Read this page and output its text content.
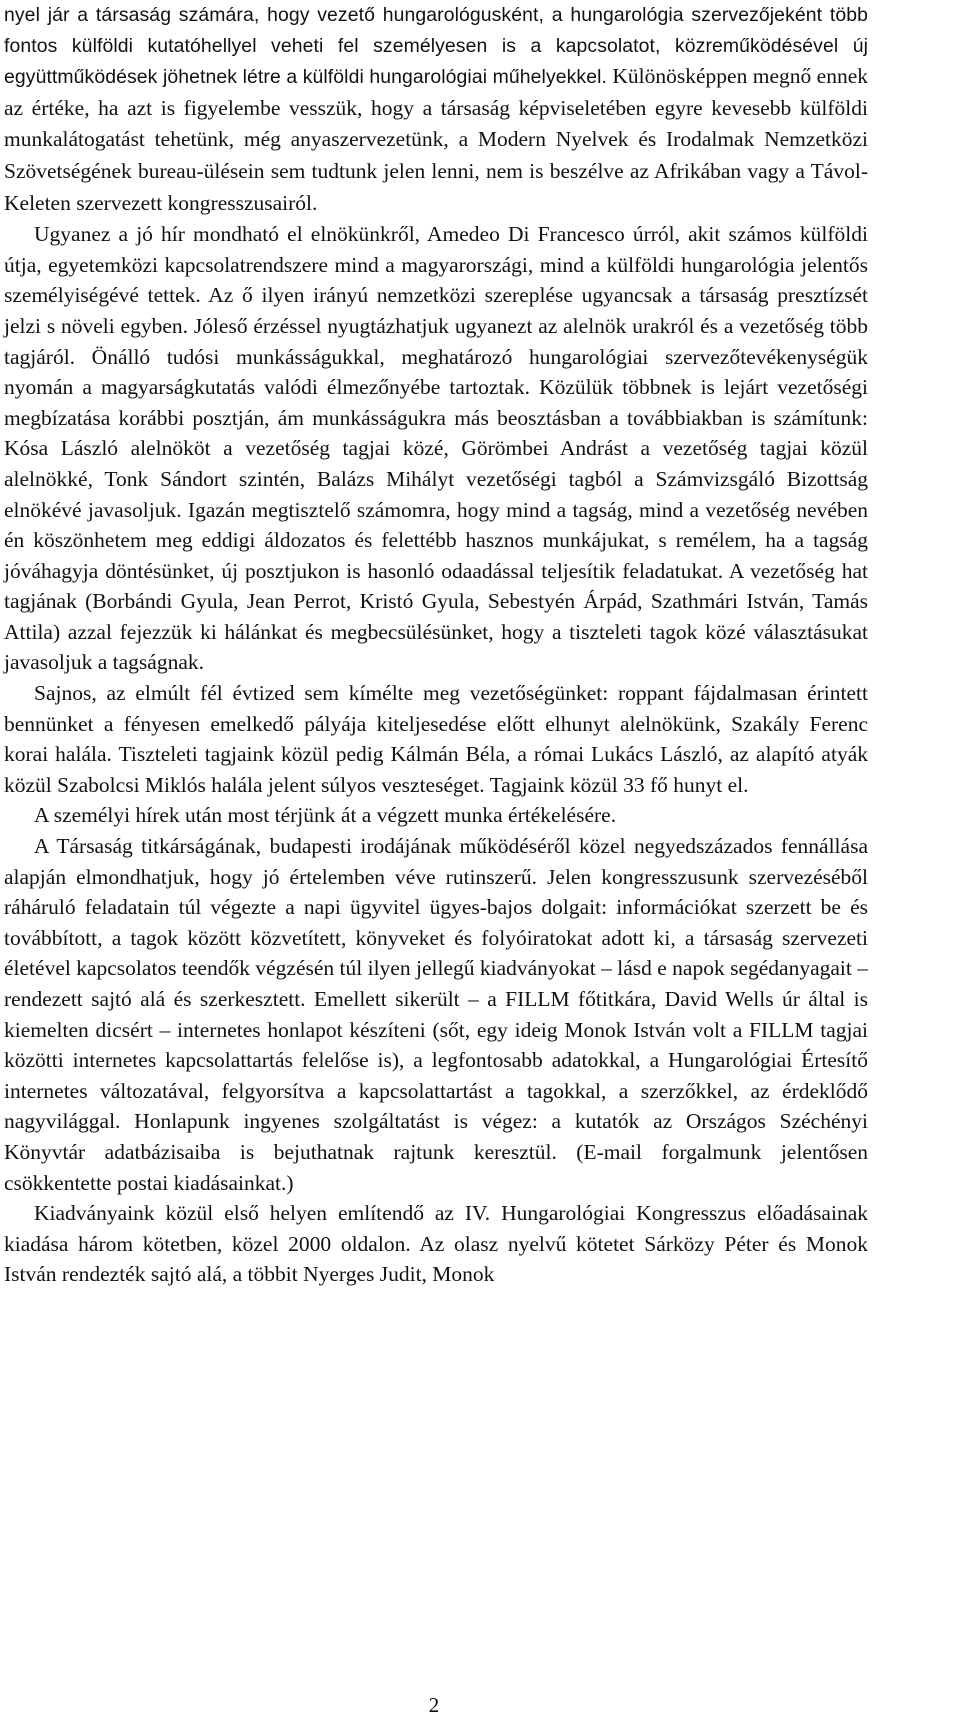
nyel jár a társaság számára, hogy vezető hungarológusként, a hungarológia szervezőjeként több fontos külföldi kutatóhellyel veheti fel személyesen is a kapcsolatot, közreműködésével új együttműködések jöhetnek létre a külföldi hungarológiai műhelyekkel. Különösképpen megnő ennek az értéke, ha azt is figyelembe vesszük, hogy a társaság képviseletében egyre kevesebb külföldi munkalátogatást tehetünk, még anyaszervezetünk, a Modern Nyelvek és Irodalmak Nemzetközi Szövetségének bureau-ülésein sem tudtunk jelen lenni, nem is beszélve az Afrikában vagy a Távol-Keleten szervezett kongresszusairól.

Ugyanez a jó hír mondható el elnökünkről, Amedeo Di Francesco úrról, akit számos külföldi útja, egyetemközi kapcsolatrendszere mind a magyarországi, mind a külföldi hungarológia jelentős személyiségévé tettek. Az ő ilyen irányú nemzetközi szereplése ugyancsak a társaság presztízsét jelzi s növeli egyben. Jóleső érzéssel nyugtázhatjuk ugyanezt az alelnök urakról és a vezetőség több tagjáról. Önálló tudósi munkásságukkal, meghatározó hungarológiai szervezőtevékenységük nyomán a magyarságkutatás valódi élmezőnyébe tartoztak. Közülük többnek is lejárt vezetőségi megbízatása korábbi posztján, ám munkásságukra más beosztásban a továbbiakban is számítunk: Kósa László alelnököt a vezetőség tagjai közé, Görömbei Andrást a vezetőség tagjai közül alelnökké, Tonk Sándort szintén, Balázs Mihályt vezetőségi tagból a Számvizsgáló Bizottság elnökévé javasoljuk. Igazán megtisztelő számomra, hogy mind a tagság, mind a vezetőség nevében én köszönhetem meg eddigi áldozatos és felettébb hasznos munkájukat, s remélem, ha a tagság jóváhagyja döntésünket, új posztjukon is hasonló odaadással teljesítik feladatukat. A vezetőség hat tagjának (Borbándi Gyula, Jean Perrot, Kristó Gyula, Sebestyén Árpád, Szathmári István, Tamás Attila) azzal fejezzük ki hálánkat és megbecsülésünket, hogy a tiszteleti tagok közé választásukat javasoljuk a tagságnak.

Sajnos, az elmúlt fél évtized sem kímélte meg vezetőségünket: roppant fájdalmasan érintett bennünket a fényesen emelkedő pályája kiteljesedése előtt elhunyt alelnökünk, Szakály Ferenc korai halála. Tiszteleti tagjaink közül pedig Kálmán Béla, a római Lukács László, az alapító atyák közül Szabolcsi Miklós halála jelent súlyos veszteséget. Tagjaink közül 33 fő hunyt el.

A személyi hírek után most térjünk át a végzett munka értékelésére.

A Társaság titkárságának, budapesti irodájának működéséről közel negyedszázados fennállása alapján elmondhatjuk, hogy jó értelemben véve rutinszerű. Jelen kongresszusunk szervezéséből ráháruló feladatain túl végezte a napi ügyvitel ügyes-bajos dolgait: információkat szerzett be és továbbított, a tagok között közvetített, könyveket és folyóiratokat adott ki, a társaság szervezeti életével kapcsolatos teendők végzésén túl ilyen jellegű kiadványokat – lásd e napok segédanyagait – rendezett sajtó alá és szerkesztett. Emellett sikerült – a FILLM főtitkára, David Wells úr által is kiemelten dicsért – internetes honlapot készíteni (sőt, egy ideig Monok István volt a FILLM tagjai közötti internetes kapcsolattartás felelőse is), a legfontosabb adatokkal, a Hungarológiai Értesítő internetes változatával, felgyorsítva a kapcsolattartást a tagokkal, a szerzőkkel, az érdeklődő nagyvilággal. Honlapunk ingyenes szolgáltatást is végez: a kutatók az Országos Széchényi Könyvtár adatbázisaiba is bejuthatnak rajtunk keresztül. (E-mail forgalmunk jelentősen csökkentette postai kiadásainkat.)

Kiadványaink közül első helyen említendő az IV. Hungarológiai Kongresszus előadásainak kiadása három kötetben, közel 2000 oldalon. Az olasz nyelvű kötetet Sárközy Péter és Monok István rendezték sajtó alá, a többit Nyerges Judit, Monok

2
